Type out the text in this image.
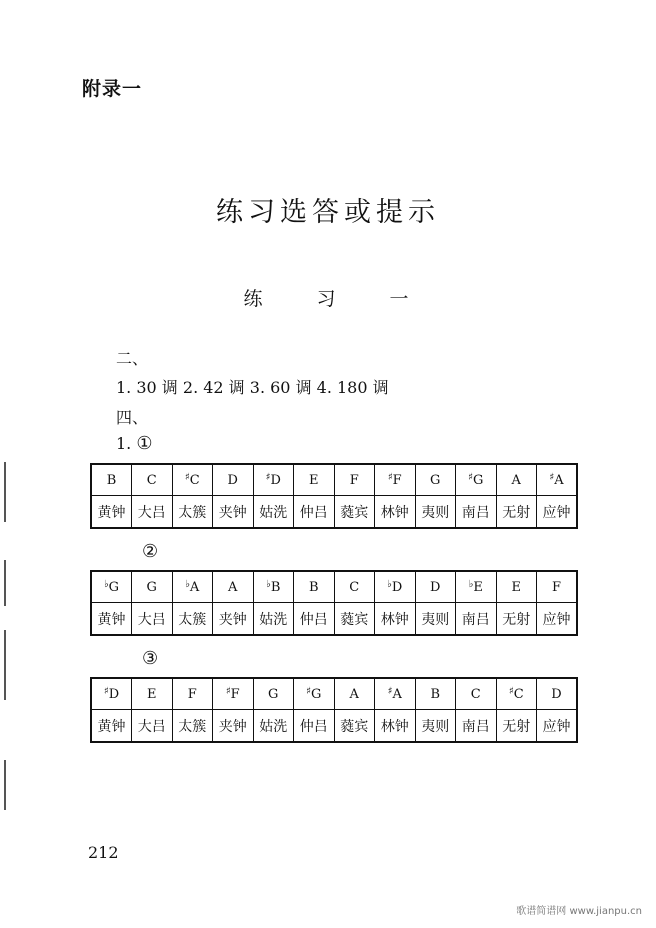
附录一
练习选答或提示
练 习 一
二、
1. 30 调 2. 42 调 3. 60 调 4. 180 调
四、
1. ①
②
③
B	C	♯C	D	♯D	E	F	♯F	G	♯G	A	♯A
黄钟	大吕	太簇	夹钟	姑洗	仲吕	蕤宾	林钟	夷则	南吕	无射	应钟
♭G	G	♭A	A	♭B	B	C	♭D	D	♭E	E	F
黄钟	大吕	太簇	夹钟	姑洗	仲吕	蕤宾	林钟	夷则	南吕	无射	应钟
♯D	E	F	♯F	G	♯G	A	♯A	B	C	♯C	D
黄钟	大吕	太簇	夹钟	姑洗	仲吕	蕤宾	林钟	夷则	南吕	无射	应钟
212
歌谱简谱网 www.jianpu.cn
